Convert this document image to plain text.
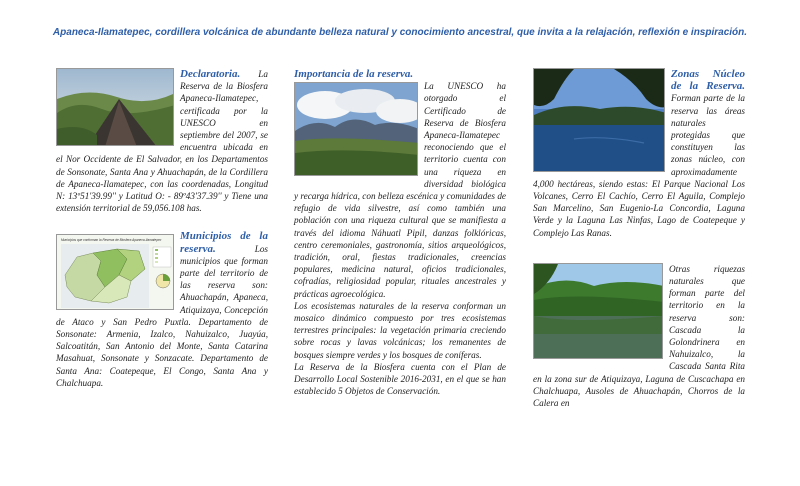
Apaneca-Ilamatepec, cordillera volcánica de abundante belleza natural y conocimiento ancestral, que invita a la relajación, reflexión e inspiración.

Declaratoria. La Reserva de la Biosfera Apaneca-Ilamatepec, certificada por la UNESCO en septiembre del 2007, se encuentra ubicada en el Nor Occidente de El Salvador, en los Departamentos de Sonsonate, Santa Ana y Ahuachapán, de la Cordillera de Apaneca-Ilamatepec, con las coordenadas, Longitud N: 13º51'39.99'' y Latitud O: - 89º43'37.39'' y Tiene una extensión territorial de 59,056.108 has.

Municipios que conforman la Reserva de Biosfera Apaneca-Ilamatepec	Municipios de la reserva. Los municipios que forman parte del territorio de las reserva son: Ahuachapán, Apaneca, Atiquizaya, Concepción de Ataco y San Pedro Puxtla. Departamento de Sonsonate: Armenia, Izalco, Nahuizalco, Juayúa, Salcoatitán, San Antonio del Monte, Santa Catarina Masahuat, Sonsonate y Sonzacate. Departamento de Santa Ana: Coatepeque, El Congo, Santa Ana y Chalchuapa.

Importancia de la reserva.

La UNESCO ha otorgado el Certificado de Reserva de Biosfera Apaneca-Ilamatepec reconociendo que el territorio cuenta con una riqueza en diversidad biológica y recarga hídrica, con belleza escénica y comunidades de refugio de vida silvestre, así como también una población con una riqueza cultural que se manifiesta a través del idioma Náhuatl Pipil, danzas folklóricas, centro ceremoniales, gastronomía, sitios arqueológicos, tradición, oral, fiestas tradicionales, creencias populares, medicina natural, oficios tradicionales, cofradías, religiosidad popular, rituales ancestrales y prácticas agroecológica.

Los ecosistemas naturales de la reserva conforman un mosaico dinámico compuesto por tres ecosistemas terrestres principales: la vegetación primaria creciendo sobre rocas y lavas volcánicas; los remanentes de bosques siempre verdes y los bosques de coníferas.

La Reserva de la Biosfera cuenta con el Plan de Desarrollo Local Sostenible 2016-2031, en el que se han establecido 5 Objetos de Conservación.

Zonas Núcleo de la Reserva. Forman parte de la reserva las áreas naturales protegidas que constituyen las zonas núcleo, con aproximadamente 4,000 hectáreas, siendo estas: El Parque Nacional Los Volcanes, Cerro El Cachío, Cerro El Aguila, Complejo San Marcelino, San Eugenio-La Concordia, Laguna Verde y la Laguna Las Ninfas, Lago de Coatepeque y Complejo Las Ranas.

Otras riquezas naturales que forman parte del territorio en la reserva son: Cascada la Golondrinera en Nahuizalco, la Cascada Santa Rita en la zona sur de Atiquizaya, Laguna de Cuscachapa en Chalchuapa, Ausoles de Ahuachapán, Chorros de la Calera en
